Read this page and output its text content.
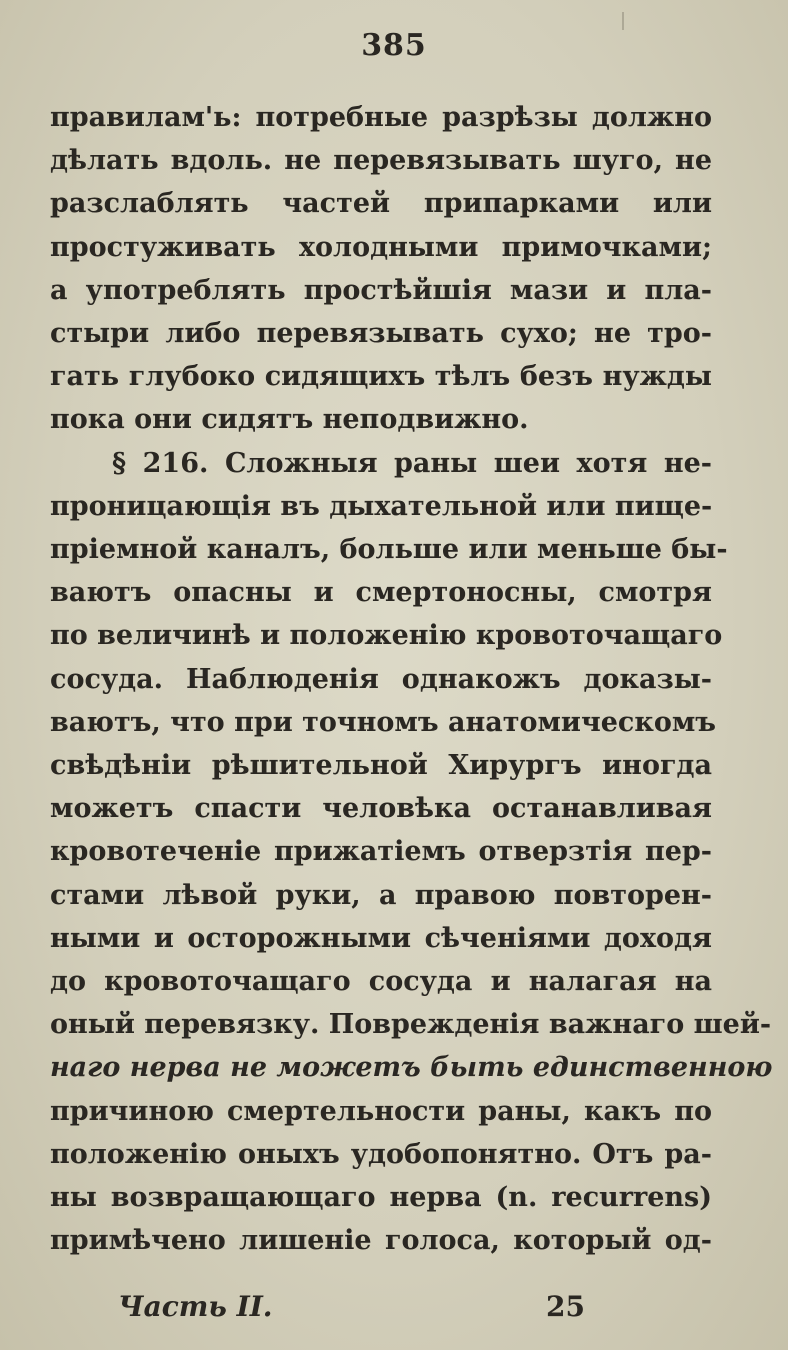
385
правилам'ь: потребные разрѣзы должно
дѣлать вдоль. не перевязывать шуго, не
разслаблять частей припарками или
простуживать холодными примочками;
а употреблять простѣйшія мази и пла-
стыри либо перевязывать сухо; не тро-
гать глубоко сидящихъ тѣлъ безъ нужды
пока они сидятъ неподвижно.
§ 216. Сложныя раны шеи хотя не-
проницающія въ дыхательной или пище-
пріемной каналъ, больше или меньше бы-
ваютъ опасны и смертоносны, смотря
по величинѣ и положенію кровоточащаго
сосуда. Наблюденія однакожъ доказы-
ваютъ, что при точномъ анатомическомъ
свѣдѣніи рѣшительной Хирургъ иногда
можетъ спасти человѣка останавливая
кровотеченіе прижатіемъ отверзтія пер-
стами лѣвой руки, а правою повторен-
ными и осторожными сѣченіями доходя
до кровоточащаго сосуда и налагая на
оный перевязку. Поврежденія важнаго шей-
наго нерва не можетъ быть единственною
причиною смертельности раны, какъ по
положенію оныхъ удобопонятно. Отъ ра-
ны возвращающаго нерва (n. recurrens)
примѣчено лишеніе голоса, который од-
Часть II.	25
